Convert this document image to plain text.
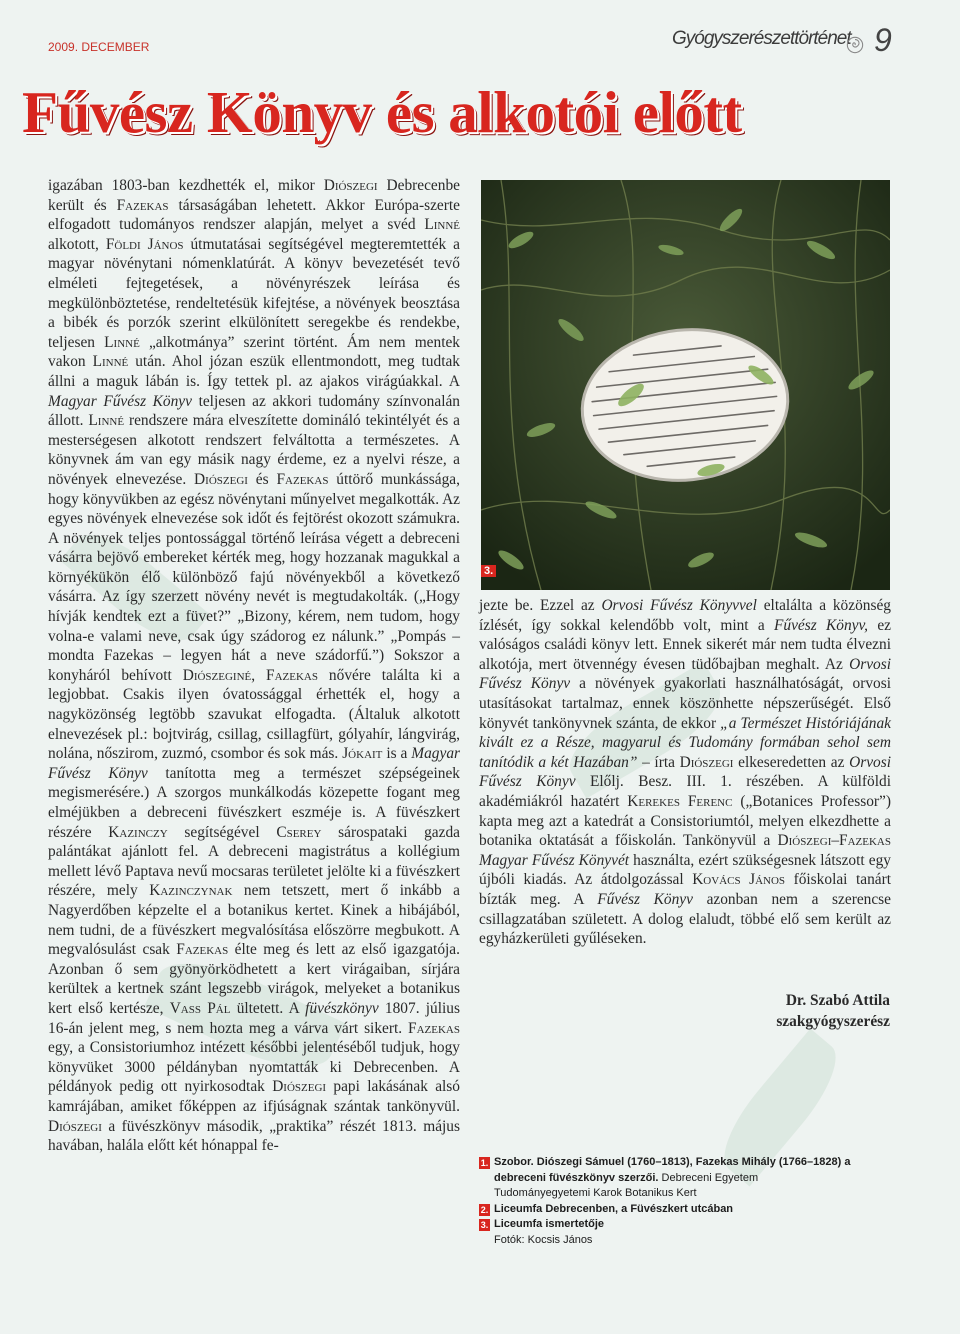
2009. DECEMBER	Gyógyszerészettörténet 9
Fűvész Könyv és alkotói előtt

igazában 1803-ban kezdhették el, mikor Diószegi Debrecenbe került és Fazekas társaságában lehetett. Akkor Európa-szerte elfogadott tudományos rendszer alapján, melyet a svéd Linné alkotott, Földi János útmutatásai segítségével megteremtették a magyar növénytani nómenklatúrát. A könyv bevezetését tevő elméleti fejtegetések, a növényrészek leírása és megkülönböztetése, rendeltetésük kifejtése, a növények beosztása a bibék és porzók szerint elkülönített seregekbe és rendekbe, teljesen Linné „alkotmánya” szerint történt. Ám nem mentek vakon Linné után. Ahol józan eszük ellentmondott, meg tudtak állni a maguk lábán is. Így tettek pl. az ajakos virágúakkal. A Magyar Fűvész Könyv teljesen az akkori tudomány színvonalán állott. Linné rendszere mára elveszítette domináló tekintélyét és a mesterségesen alkotott rendszert felváltotta a természetes. A könyvnek ám van egy másik nagy érdeme, ez a nyelvi része, a növények elnevezése. Diószegi és Fazekas úttörő munkássága, hogy könyvükben az egész növénytani műnyelvet megalkották. Az egyes növények elnevezése sok időt és fejtörést okozott számukra. A növények teljes pontossággal történő leírása végett a debreceni vásárra bejövő embereket kérték meg, hogy hozzanak magukkal a környékükön élő különböző fajú növényekből a következő vásárra. Az így szerzett növény nevét is megtudakolták. („Hogy hívják kendtek ezt a füvet?” „Bizony, kérem, nem tudom, hogy volna-e valami neve, csak úgy szádorog ez nálunk.” „Pompás – mondta Fazekas – legyen hát a neve szádorfű.”) Sokszor a konyháról behívott Diószeginé, Fazekas nővére találta ki a legjobbat. Csakis ilyen óvatossággal érhették el, hogy a nagyközönség legtöbb szavukat elfogadta. (Általuk alkotott elnevezések pl.: bojtvirág, csillag, csillagfürt, gólyahír, lángvirág, nolána, nőszirom, zuzmó, csombor és sok más. Jókait is a Magyar Fűvész Könyv tanította meg a természet szépségeinek megismerésére.) A szorgos munkálkodás közepette fogant meg elméjükben a debreceni füvészkert eszméje is. A füvészkert részére Kazinczy segítségével Cserey sárospataki gazda palántákat ajánlott fel. A debreceni magistrátus a kollégium mellett lévő Paptava nevű mocsaras területet jelölte ki a füvészkert részére, mely Kazinczynak nem tetszett, mert ő inkább a Nagyerdőben képzelte el a botanikus kertet. Kinek a hibájából, nem tudni, de a füvészkert megvalósítása előszörre megbukott. A megvalósulást csak Fazekas élte meg és lett az első igazgatója. Azonban ő sem gyönyörködhetett a kert virágaiban, sírjára kerültek a kertnek szánt legszebb virágok, melyeket a botanikus kert első kertésze, Vass Pál ültetett. A füvészkönyv 1807. július 16-án jelent meg, s nem hozta meg a várva várt sikert. Fazekas egy, a Consistoriumhoz intézett későbbi jelentéséből tudjuk, hogy könyvüket 3000 példányban nyomtatták ki Debrecenben. A példányok pedig ott nyirkosodtak Diószegi papi lakásának alsó kamrájában, amiket főképpen az ifjúságnak szántak tankönyvül. Diószegi a füvészkönyv második, „praktika” részét 1813. május havában, halála előtt két hónappal fe-

3.

jezte be. Ezzel az Orvosi Fűvész Könyvvel eltalálta a közönség ízlését, így sokkal kelendőbb volt, mint a Fűvész Könyv, ez valóságos családi könyv lett. Ennek sikerét már nem tudta élvezni alkotója, mert ötvennégy évesen tüdőbajban meghalt. Az Orvosi Fűvész Könyv a növények gyakorlati használhatóságát, orvosi utasításokat tartalmaz, ennek köszönhette népszerűségét. Első könyvét tankönyvnek szánta, de ekkor „a Természet Históriájának kivált ez a Része, magyarul és Tudomány formában sehol sem tanítódik a két Hazában” – írta Diószegi elkeseredetten az Orvosi Fűvész Könyv Előlj. Besz. III. 1. részében. A külföldi akadémiákról hazatért Kerekes Ferenc („Botanices Professor”) kapta meg azt a katedrát a Consistoriumtól, melyen elkezdhette a botanika oktatását a főiskolán. Tankönyvül a Diószegi–Fazekas Magyar Fűvész Könyvét használta, ezért szükségesnek látszott egy újbóli kiadás. Az átdolgozással Kovács János főiskolai tanárt bízták meg. A Fűvész Könyv azonban nem a szerencse csillagzatában született. A dolog elaludt, többé elő sem került az egyházkerületi gyűléseken.

Dr. Szabó Attila
szakgyógyszerész
1. Szobor. Diószegi Sámuel (1760–1813), Fazekas Mihály (1766–1828) a debreceni füvészkönyv szerzői. Debreceni Egyetem
Tudományegyetemi Karok Botanikus Kert
2. Liceumfa Debrecenben, a Füvészkert utcában
3. Liceumfa ismertetője
Fotók: Kocsis János
